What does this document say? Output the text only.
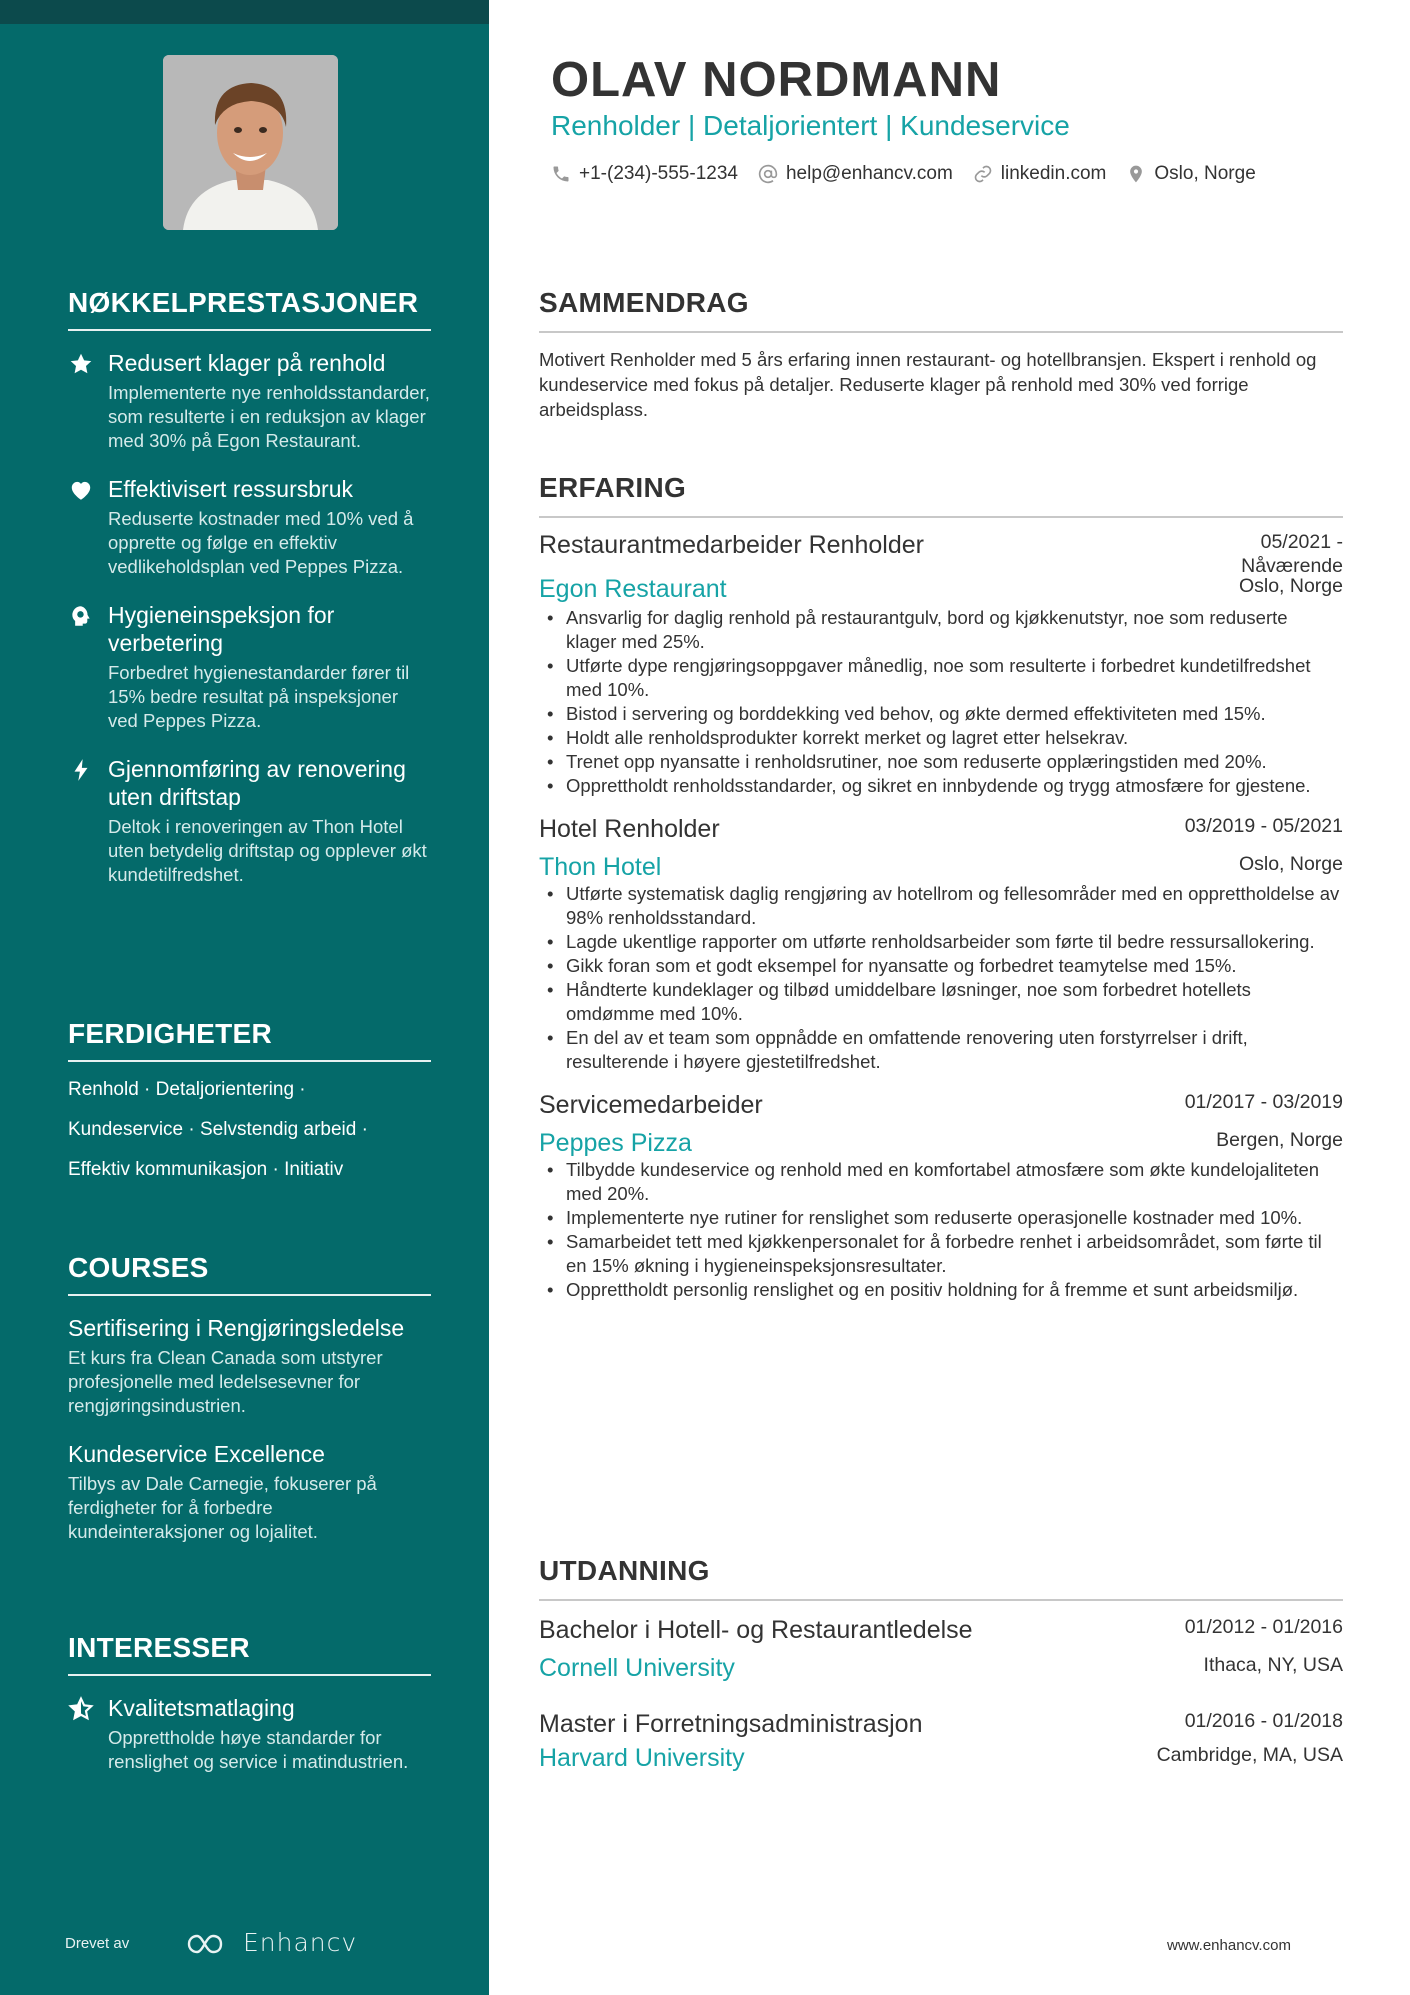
NØKKELPRESTASJONER
Redusert klager på renhold
Implementerte nye renholdsstandarder, som resulterte i en reduksjon av klager med 30% på Egon Restaurant.
Effektivisert ressursbruk
Reduserte kostnader med 10% ved å opprette og følge en effektiv vedlikeholdsplan ved Peppes Pizza.
Hygieneinspeksjon for verbetering
Forbedret hygienestandarder fører til 15% bedre resultat på inspeksjoner ved Peppes Pizza.
Gjennomføring av renovering uten driftstap
Deltok i renoveringen av Thon Hotel uten betydelig driftstap og opplever økt kundetilfredshet.
FERDIGHETER
Renhold · Detaljorientering ·
Kundeservice · Selvstendig arbeid ·
Effektiv kommunikasjon · Initiativ
COURSES
Sertifisering i Rengjøringsledelse
Et kurs fra Clean Canada som utstyrer profesjonelle med ledelsesevner for rengjøringsindustrien.
Kundeservice Excellence
Tilbys av Dale Carnegie, fokuserer på ferdigheter for å forbedre kundeinteraksjoner og lojalitet.
INTERESSER
Kvalitetsmatlaging
Opprettholde høye standarder for renslighet og service i matindustrien.
Drevet av	Enhancv
OLAV NORDMANN
Renholder | Detaljorientert | Kundeservice
+1-(234)-555-1234	help@enhancv.com	linkedin.com	Oslo, Norge
SAMMENDRAG

Motivert Renholder med 5 års erfaring innen restaurant- og hotellbransjen. Ekspert i renhold og kundeservice med fokus på detaljer. Reduserte klager på renhold med 30% ved forrige arbeidsplass.

ERFARING
Restaurantmedarbeider Renholder	05/2021 -
Nåværende
Egon Restaurant	Oslo, Norge
• Ansvarlig for daglig renhold på restaurantgulv, bord og kjøkkenutstyr, noe som reduserte klager med 25%.
• Utførte dype rengjøringsoppgaver månedlig, noe som resulterte i forbedret kundetilfredshet med 10%.
• Bistod i servering og borddekking ved behov, og økte dermed effektiviteten med 15%.
• Holdt alle renholdsprodukter korrekt merket og lagret etter helsekrav.
• Trenet opp nyansatte i renholdsrutiner, noe som reduserte opplæringstiden med 20%.
• Opprettholdt renholdsstandarder, og sikret en innbydende og trygg atmosfære for gjestene.
Hotel Renholder	03/2019 - 05/2021
Thon Hotel	Oslo, Norge
• Utførte systematisk daglig rengjøring av hotellrom og fellesområder med en opprettholdelse av 98% renholdsstandard.
• Lagde ukentlige rapporter om utførte renholdsarbeider som førte til bedre ressursallokering.
• Gikk foran som et godt eksempel for nyansatte og forbedret teamytelse med 15%.
• Håndterte kundeklager og tilbød umiddelbare løsninger, noe som forbedret hotellets omdømme med 10%.
• En del av et team som oppnådde en omfattende renovering uten forstyrrelser i drift, resulterende i høyere gjestetilfredshet.
Servicemedarbeider	01/2017 - 03/2019
Peppes Pizza	Bergen, Norge
• Tilbydde kundeservice og renhold med en komfortabel atmosfære som økte kundelojaliteten med 20%.
• Implementerte nye rutiner for renslighet som reduserte operasjonelle kostnader med 10%.
• Samarbeidet tett med kjøkkenpersonalet for å forbedre renhet i arbeidsområdet, som førte til en 15% økning i hygieneinspeksjonsresultater.
• Opprettholdt personlig renslighet og en positiv holdning for å fremme et sunt arbeidsmiljø.
UTDANNING
Bachelor i Hotell- og Restaurantledelse	01/2012 - 01/2016
Cornell University	Ithaca, NY, USA
Master i Forretningsadministrasjon	01/2016 - 01/2018
Harvard University	Cambridge, MA, USA
www.enhancv.com
